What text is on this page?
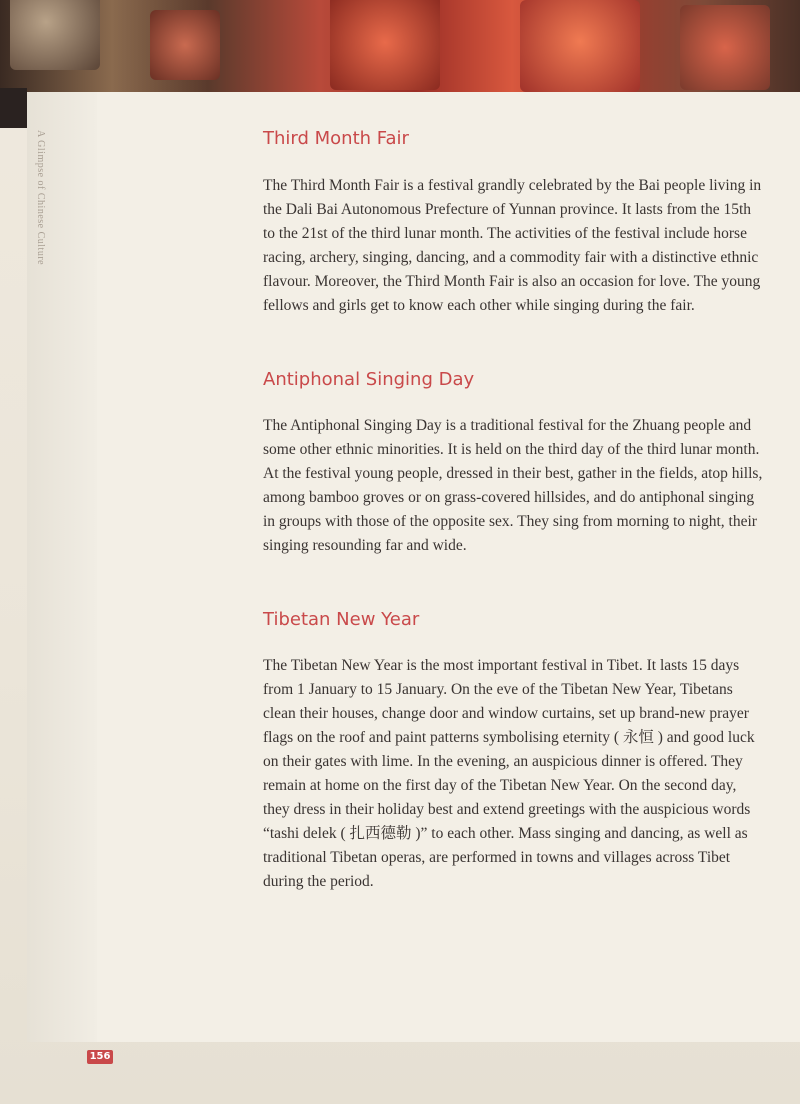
A Glimpse of Chinese Culture	Third Month Fair

The Third Month Fair is a festival grandly celebrated by the Bai people living in the Dali Bai Autonomous Prefecture of Yunnan province. It lasts from the 15th to the 21st of the third lunar month. The activities of the festival include horse racing, archery, singing, dancing, and a commodity fair with a distinctive ethnic flavour. Moreover, the Third Month Fair is also an occasion for love. The young fellows and girls get to know each other while singing during the fair.

Antiphonal Singing Day

The Antiphonal Singing Day is a traditional festival for the Zhuang people and some other ethnic minorities. It is held on the third day of the third lunar month. At the festival young people, dressed in their best, gather in the fields, atop hills, among bamboo groves or on grass-covered hillsides, and do antiphonal singing in groups with those of the opposite sex. They sing from morning to night, their singing resounding far and wide.

Tibetan New Year

The Tibetan New Year is the most important festival in Tibet. It lasts 15 days from 1 January to 15 January. On the eve of the Tibetan New Year, Tibetans clean their houses, change door and window curtains, set up brand-new prayer flags on the roof and paint patterns symbolising eternity ( 永恒 ) and good luck on their gates with lime. In the evening, an auspicious dinner is offered. They remain at home on the first day of the Tibetan New Year. On the second day, they dress in their holiday best and extend greetings with the auspicious words “tashi delek ( 扎西德勒 )” to each other. Mass singing and dancing, as well as traditional Tibetan operas, are performed in towns and villages across Tibet during the period.

156
